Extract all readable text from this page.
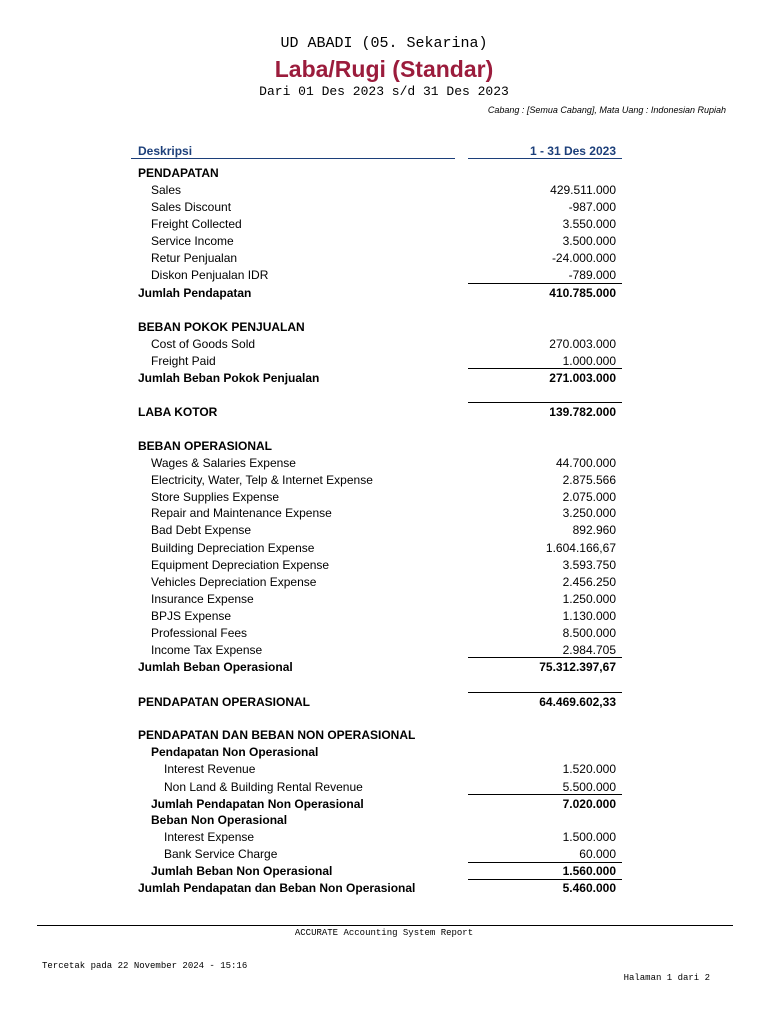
UD ABADI (05. Sekarina)
Laba/Rugi (Standar)
Dari 01 Des 2023 s/d 31 Des 2023
Cabang : [Semua Cabang], Mata Uang : Indonesian Rupiah
Deskripsi	1 - 31 Des 2023
PENDAPATAN
Sales	429.511.000
Sales Discount	-987.000
Freight Collected	3.550.000
Service Income	3.500.000
Retur Penjualan	-24.000.000
Diskon Penjualan IDR	-789.000
Jumlah Pendapatan	410.785.000
BEBAN POKOK PENJUALAN
Cost of Goods Sold	270.003.000
Freight Paid	1.000.000
Jumlah Beban Pokok Penjualan	271.003.000
LABA KOTOR	139.782.000
BEBAN OPERASIONAL
Wages & Salaries Expense	44.700.000
Electricity, Water, Telp & Internet Expense	2.875.566
Store Supplies Expense	2.075.000
Repair and Maintenance Expense	3.250.000
Bad Debt Expense	892.960
Building Depreciation Expense	1.604.166,67
Equipment Depreciation Expense	3.593.750
Vehicles Depreciation Expense	2.456.250
Insurance Expense	1.250.000
BPJS Expense	1.130.000
Professional Fees	8.500.000
Income Tax Expense	2.984.705
Jumlah Beban Operasional	75.312.397,67
PENDAPATAN OPERASIONAL	64.469.602,33
PENDAPATAN DAN BEBAN NON OPERASIONAL
Pendapatan Non Operasional
Interest Revenue	1.520.000
Non Land & Building Rental Revenue	5.500.000
Jumlah Pendapatan Non Operasional	7.020.000
Beban Non Operasional
Interest Expense	1.500.000
Bank Service Charge	60.000
Jumlah Beban Non Operasional	1.560.000
Jumlah Pendapatan dan Beban Non Operasional	5.460.000
ACCURATE Accounting System Report
Tercetak pada 22 November 2024 - 15:16
Halaman 1 dari 2
